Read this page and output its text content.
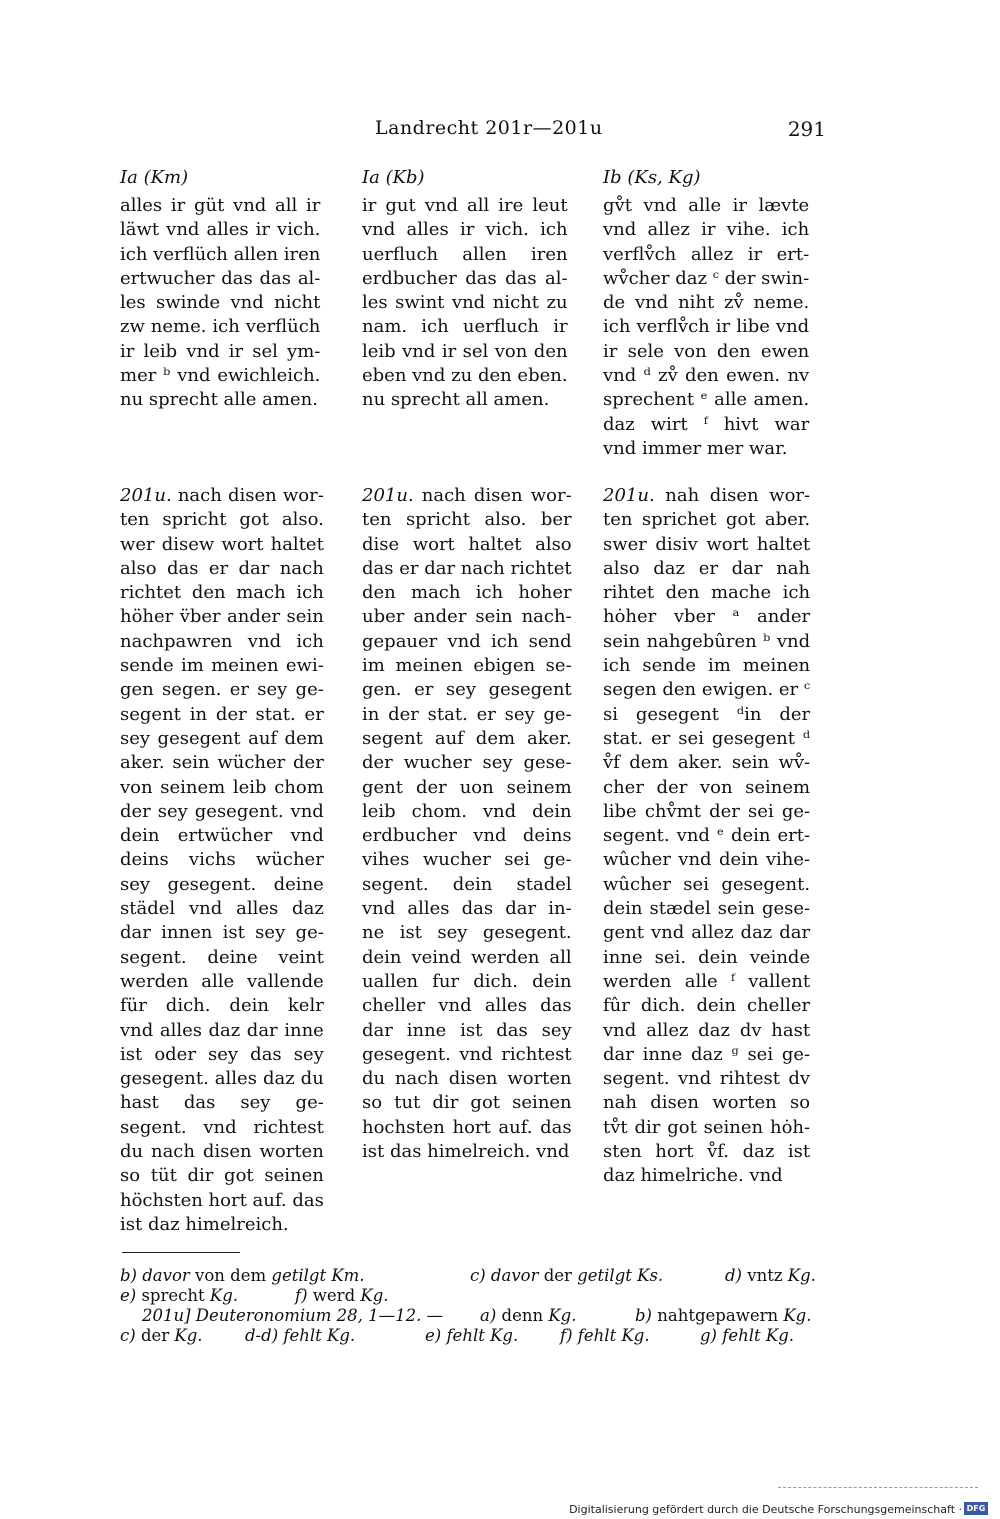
Landrecht 201r—201u	291
Ia (Km)
alles ir güt vnd all ir
läwt vnd alles ir vich.
ich verflüch allen iren
ertwucher das das al-
les swinde vnd nicht
zw neme. ich verflüch
ir leib vnd ir sel ym-
mer ᵇ vnd ewichleich.
nu sprecht alle amen.
201u. nach disen wor-
ten spricht got also.
wer disew wort haltet
also das er dar nach
richtet den mach ich
höher v̈ber ander sein
nachpawren vnd ich
sende im meinen ewi-
gen segen. er sey ge-
segent in der stat. er
sey gesegent auf dem
aker. sein wücher der
von seinem leib chom
der sey gesegent. vnd
dein ertwücher vnd
deins vichs wücher
sey gesegent. deine
städel vnd alles daz
dar innen ist sey ge-
segent. deine veint
werden alle vallende
für dich. dein kelr
vnd alles daz dar inne
ist oder sey das sey
gesegent. alles daz du
hast das sey ge-
segent. vnd richtest
du nach disen worten
so tüt dir got seinen
höchsten hort auf. das
ist daz himelreich.
Ia (Kb)
ir gut vnd all ire leut
vnd alles ir vich. ich
uerfluch allen iren
erdbucher das das al-
les swint vnd nicht zu
nam. ich uerfluch ir
leib vnd ir sel von den
eben vnd zu den eben.
nu sprecht all amen.
201u. nach disen wor-
ten spricht also. ber
dise wort haltet also
das er dar nach richtet
den mach ich hoher
uber ander sein nach-
gepauer vnd ich send
im meinen ebigen se-
gen. er sey gesegent
in der stat. er sey ge-
segent auf dem aker.
der wucher sey gese-
gent der uon seinem
leib chom. vnd dein
erdbucher vnd deins
vihes wucher sei ge-
segent. dein stadel
vnd alles das dar in-
ne ist sey gesegent.
dein veind werden all
uallen fur dich. dein
cheller vnd alles das
dar inne ist das sey
gesegent. vnd richtest
du nach disen worten
so tut dir got seinen
hochsten hort auf. das
ist das himelreich. vnd
Ib (Ks, Kg)
gv̊t vnd alle ir lævte
vnd allez ir vihe. ich
verflv̊ch allez ir ert-
wv̊cher daz ᶜ der swin-
de vnd niht zv̊ neme.
ich verflv̊ch ir libe vnd
ir sele von den ewen
vnd ᵈ zv̊ den ewen. nv
sprechent ᵉ alle amen.
daz wirt ᶠ hivt war
vnd immer mer war.
201u. nah disen wor-
ten sprichet got aber.
swer disiv wort haltet
also daz er dar nah
rihtet den mache ich
hȯher vber ᵃ ander
sein nahgebûren ᵇ vnd
ich sende im meinen
segen den ewigen. er ᶜ
si gesegent ᵈin der
stat. er sei gesegent ᵈ
v̊f dem aker. sein wv̊-
cher der von seinem
libe chv̊mt der sei ge-
segent. vnd ᵉ dein ert-
wûcher vnd dein vihe-
wûcher sei gesegent.
dein stædel sein gese-
gent vnd allez daz dar
inne sei. dein veinde
werden alle ᶠ vallent
fûr dich. dein cheller
vnd allez daz dv hast
dar inne daz ᵍ sei ge-
segent. vnd rihtest dv
nah disen worten so
tv̊t dir got seinen hȯh-
sten hort v̊f. daz ist
daz himelriche. vnd
b) davor von dem getilgt Km.	c) davor der getilgt Ks.	d) vntz Kg.
e) sprecht Kg.	f) werd Kg.
201u] Deuteronomium 28, 1—12. — a) denn Kg.	b) nahtgepawern Kg.
c) der Kg.	d-d) fehlt Kg.	e) fehlt Kg.	f) fehlt Kg.	g) fehlt Kg.
Digitalisierung gefördert durch die Deutsche Forschungsgemeinschaft · DFG
